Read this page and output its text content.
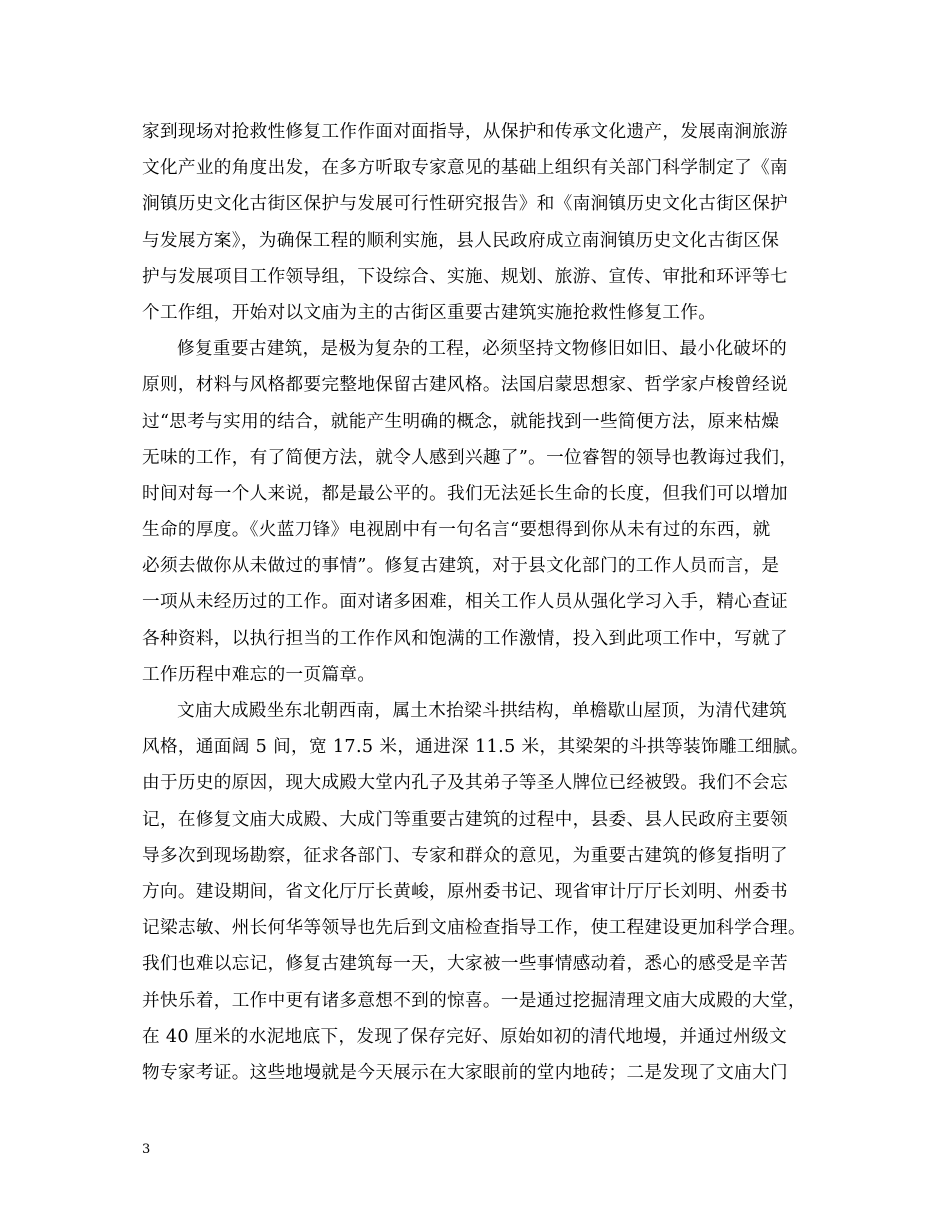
家到现场对抢救性修复工作作面对面指导，从保护和传承文化遗产，发展南涧旅游
文化产业的角度出发，在多方听取专家意见的基础上组织有关部门科学制定了《南
涧镇历史文化古街区保护与发展可行性研究报告》和《南涧镇历史文化古街区保护
与发展方案》，为确保工程的顺利实施，县人民政府成立南涧镇历史文化古街区保
护与发展项目工作领导组，下设综合、实施、规划、旅游、宣传、审批和环评等七
个工作组，开始对以文庙为主的古街区重要古建筑实施抢救性修复工作。
修复重要古建筑，是极为复杂的工程，必须坚持文物修旧如旧、最小化破坏的
原则，材料与风格都要完整地保留古建风格。法国启蒙思想家、哲学家卢梭曾经说
过“思考与实用的结合，就能产生明确的概念，就能找到一些简便方法，原来枯燥
无味的工作，有了简便方法，就令人感到兴趣了”。一位睿智的领导也教诲过我们，
时间对每一个人来说，都是最公平的。我们无法延长生命的长度，但我们可以增加
生命的厚度。《火蓝刀锋》电视剧中有一句名言“要想得到你从未有过的东西，就
必须去做你从未做过的事情”。修复古建筑，对于县文化部门的工作人员而言，是
一项从未经历过的工作。面对诸多困难，相关工作人员从强化学习入手，精心查证
各种资料，以执行担当的工作作风和饱满的工作激情，投入到此项工作中，写就了
工作历程中难忘的一页篇章。
文庙大成殿坐东北朝西南，属土木抬梁斗拱结构，单檐歇山屋顶，为清代建筑
风格，通面阔 5 间，宽 17.5 米，通进深 11.5 米，其梁架的斗拱等装饰雕工细腻。
由于历史的原因，现大成殿大堂内孔子及其弟子等圣人牌位已经被毁。我们不会忘
记，在修复文庙大成殿、大成门等重要古建筑的过程中，县委、县人民政府主要领
导多次到现场勘察，征求各部门、专家和群众的意见，为重要古建筑的修复指明了
方向。建设期间，省文化厅厅长黄峻，原州委书记、现省审计厅厅长刘明、州委书
记梁志敏、州长何华等领导也先后到文庙检查指导工作，使工程建设更加科学合理。
我们也难以忘记，修复古建筑每一天，大家被一些事情感动着，悉心的感受是辛苦
并快乐着，工作中更有诸多意想不到的惊喜。一是通过挖掘清理文庙大成殿的大堂，
在 40 厘米的水泥地底下，发现了保存完好、原始如初的清代地墁，并通过州级文
物专家考证。这些地墁就是今天展示在大家眼前的堂内地砖；二是发现了文庙大门
3
